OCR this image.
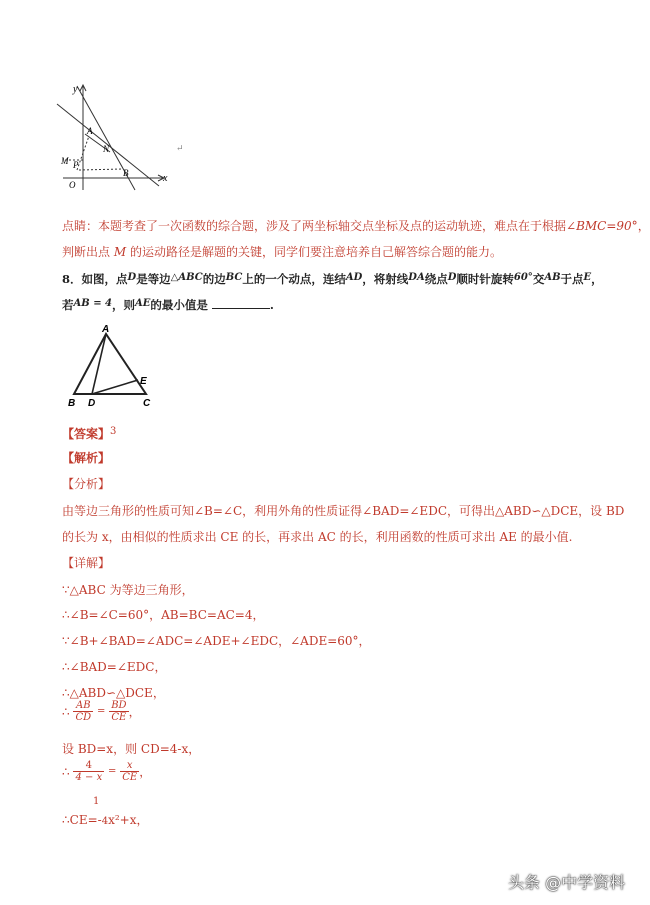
y
x
A
N
M P
B
O
↵
点睛：本题考查了一次函数的综合题，涉及了两坐标轴交点坐标及点的运动轨迹，难点在于根据∠BMC=90°，
判断出点 M 的运动路径是解题的关键，同学们要注意培养自己解答综合题的能力。
8．如图，点D是等边△ABC的边BC上的一个动点，连结AD，将射线DA绕点D顺时针旋转60°交AB于点E，
若AB = 4，则AE的最小值是	.
A
B D	C
E
【答案】$^3$
【解析】
【分析】
由等边三角形的性质可知∠B=∠C，利用外角的性质证得∠BAD=∠EDC，可得出△ABD∽△DCE，设 BD
的长为 x，由相似的性质求出 CE 的长，再求出 AC 的长，利用函数的性质可求出 AE 的最小值.
【详解】
∵△ABC 为等边三角形，
∴∠B=∠C=60°，AB=BC=AC=4，
∵∠B+∠BAD=∠ADC=∠ADE+∠EDC，∠ADE=60°，
∴∠BAD=∠EDC，
∴△ABD∽△DCE，
∴ $\frac{AB}{CD} = \frac{BD}{CE}$ ，
设 BD=x，则 CD=4-x，
∴ $\frac{4}{4 - x} = \frac{x}{CE}$ ，
1
∴CE=-4x²+x，
头条 @中学资料
